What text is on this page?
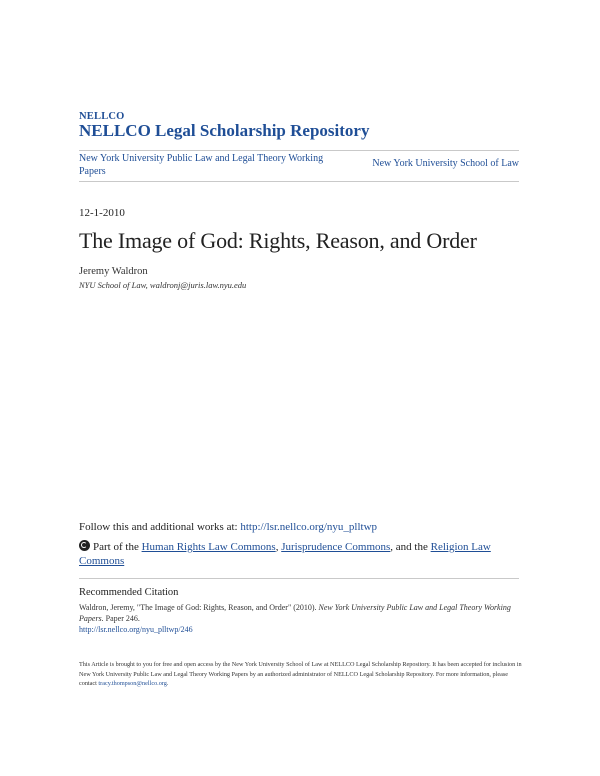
NELLCO
NELLCO Legal Scholarship Repository
New York University Public Law and Legal Theory Working Papers
New York University School of Law
12-1-2010
The Image of God: Rights, Reason, and Order
Jeremy Waldron
NYU School of Law, waldronj@juris.law.nyu.edu
Follow this and additional works at: http://lsr.nellco.org/nyu_plltwp
Part of the Human Rights Law Commons, Jurisprudence Commons, and the Religion Law Commons
Recommended Citation
Waldron, Jeremy, "The Image of God: Rights, Reason, and Order" (2010). New York University Public Law and Legal Theory Working Papers. Paper 246.
http://lsr.nellco.org/nyu_plltwp/246
This Article is brought to you for free and open access by the New York University School of Law at NELLCO Legal Scholarship Repository. It has been accepted for inclusion in New York University Public Law and Legal Theory Working Papers by an authorized administrator of NELLCO Legal Scholarship Repository. For more information, please contact tracy.thompson@nellco.org.
